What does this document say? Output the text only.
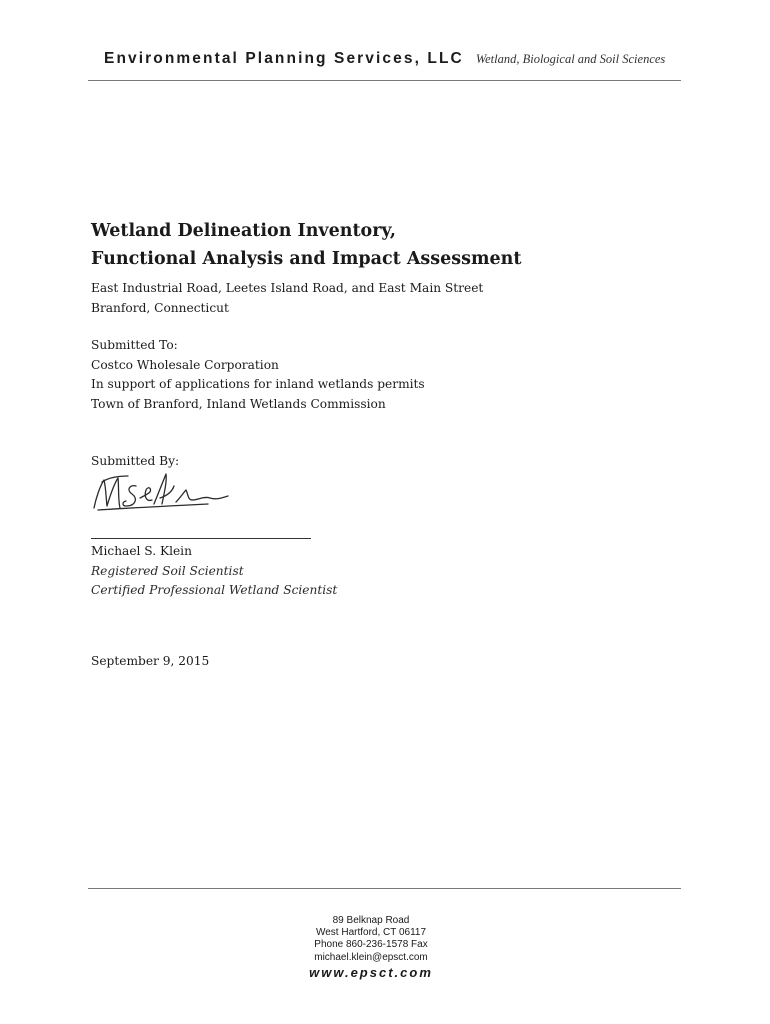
Environmental Planning Services, LLC Wetland, Biological and Soil Sciences
Wetland Delineation Inventory,
Functional Analysis and Impact Assessment
East Industrial Road, Leetes Island Road, and East Main Street
Branford, Connecticut
Submitted To:
Costco Wholesale Corporation
In support of applications for inland wetlands permits
Town of Branford, Inland Wetlands Commission
Submitted By:
Michael S. Klein
Registered Soil Scientist
Certified Professional Wetland Scientist
September 9, 2015
89 Belknap Road
West Hartford, CT 06117
Phone 860-236-1578 Fax
michael.klein@epsct.com
www.epsct.com
